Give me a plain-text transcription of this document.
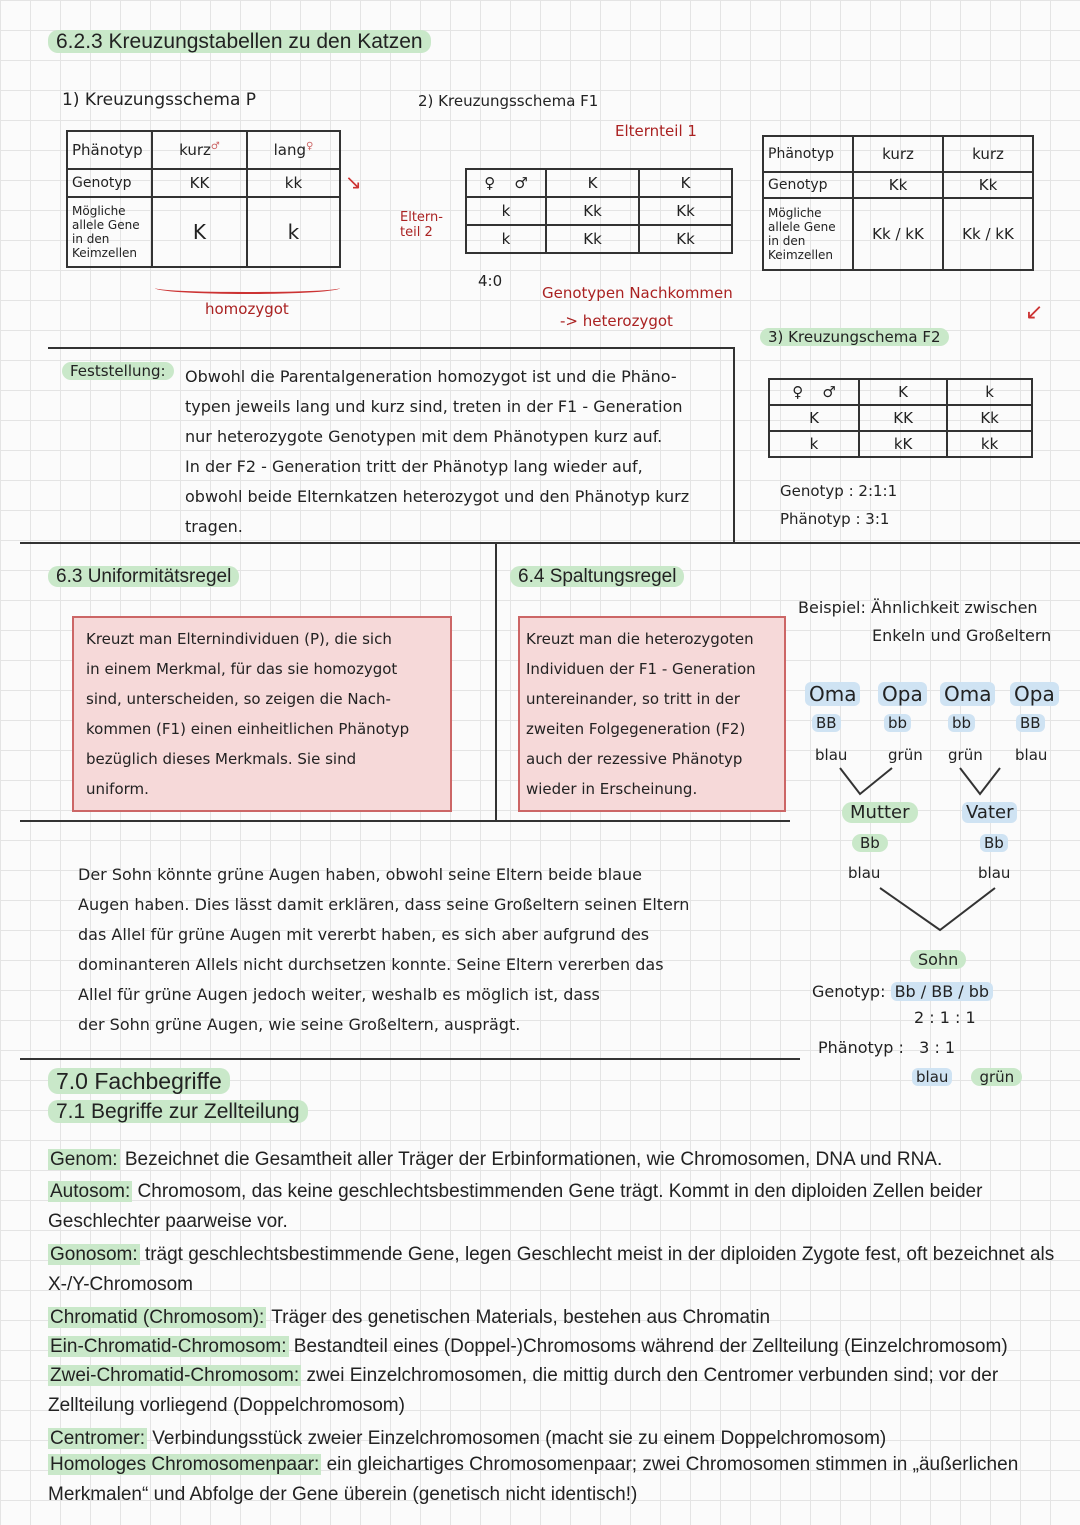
6.2.3 Kreuzungstabellen zu den Katzen
1) Kreuzungsschema P
Phänotyp	kurz♂	lang♀
Genotyp	KK	kk
Mögliche allele Gene in den Keimzellen	K	k
homozygot
↘
2) Kreuzungsschema F1
Elternteil 1
Eltern-teil 2
♀ ♂	K	K
k	Kk	Kk
k	Kk	Kk
4:0
Genotypen Nachkommen
-> heterozygot
Phänotyp	kurz	kurz
Genotyp	Kk	Kk
Mögliche allele Gene in den Keimzellen	Kk / kK	Kk / kK
↙
3) Kreuzungschema F2
♀ ♂	K	k
K	KK	Kk
k	kK	kk
Genotyp : 2:1:1
Phänotyp : 3:1
Feststellung:	Obwohl die Parentalgeneration homozygot ist und die Phäno-

typen jeweils lang und kurz sind, treten in der F1 - Generation

nur heterozygote Genotypen mit dem Phänotypen kurz auf.

In der F2 - Generation tritt der Phänotyp lang wieder auf,

obwohl beide Elternkatzen heterozygot und den Phänotyp kurz

tragen.

6.3 Uniformitätsregel

Kreuzt man Elternindividuen (P), die sich

in einem Merkmal, für das sie homozygot

sind, unterscheiden, so zeigen die Nach-

kommen (F1) einen einheitlichen Phänotyp

bezüglich dieses Merkmals. Sie sind

uniform.

6.4 Spaltungsregel

Kreuzt man die heterozygoten

Individuen der F1 - Generation

untereinander, so tritt in der

zweiten Folgegeneration (F2)

auch der rezessive Phänotyp

wieder in Erscheinung.

Beispiel: Ähnlichkeit zwischen
Enkeln und Großeltern
Oma Opa Oma Opa
BB	bb	bb	BB
blau	grün grün blau
Mutter	Vater
Bb	Bb
blau	blau
Sohn
Genotyp: Bb / BB / bb
2 : 1 : 1
Phänotyp : 3 : 1
blau grün

Der Sohn könnte grüne Augen haben, obwohl seine Eltern beide blaue

Augen haben. Dies lässt damit erklären, dass seine Großeltern seinen Eltern

das Allel für grüne Augen mit vererbt haben, es sich aber aufgrund des

dominanteren Allels nicht durchsetzen konnte. Seine Eltern vererben das

Allel für grüne Augen jedoch weiter, weshalb es möglich ist, dass

der Sohn grüne Augen, wie seine Großeltern, ausprägt.

7.0 Fachbegriffe
7.1 Begriffe zur Zellteilung
Genom: Bezeichnet die Gesamtheit aller Träger der Erbinformationen, wie Chromosomen, DNA und RNA.
Autosom: Chromosom, das keine geschlechtsbestimmenden Gene trägt. Kommt in den diploiden Zellen beider Geschlechter paarweise vor.
Gonosom: trägt geschlechtsbestimmende Gene, legen Geschlecht meist in der diploiden Zygote fest, oft bezeichnet als X-/Y-Chromosom
Chromatid (Chromosom): Träger des genetischen Materials, bestehen aus Chromatin
Ein-Chromatid-Chromosom: Bestandteil eines (Doppel-)Chromosoms während der Zellteilung (Einzelchromosom)
Zwei-Chromatid-Chromosom: zwei Einzelchromosomen, die mittig durch den Centromer verbunden sind; vor der Zellteilung vorliegend (Doppelchromosom)
Centromer: Verbindungsstück zweier Einzelchromosomen (macht sie zu einem Doppelchromosom)
Homologes Chromosomenpaar: ein gleichartiges Chromosomenpaar; zwei Chromosomen stimmen in „äußerlichen Merkmalen“ und Abfolge der Gene überein (genetisch nicht identisch!)
